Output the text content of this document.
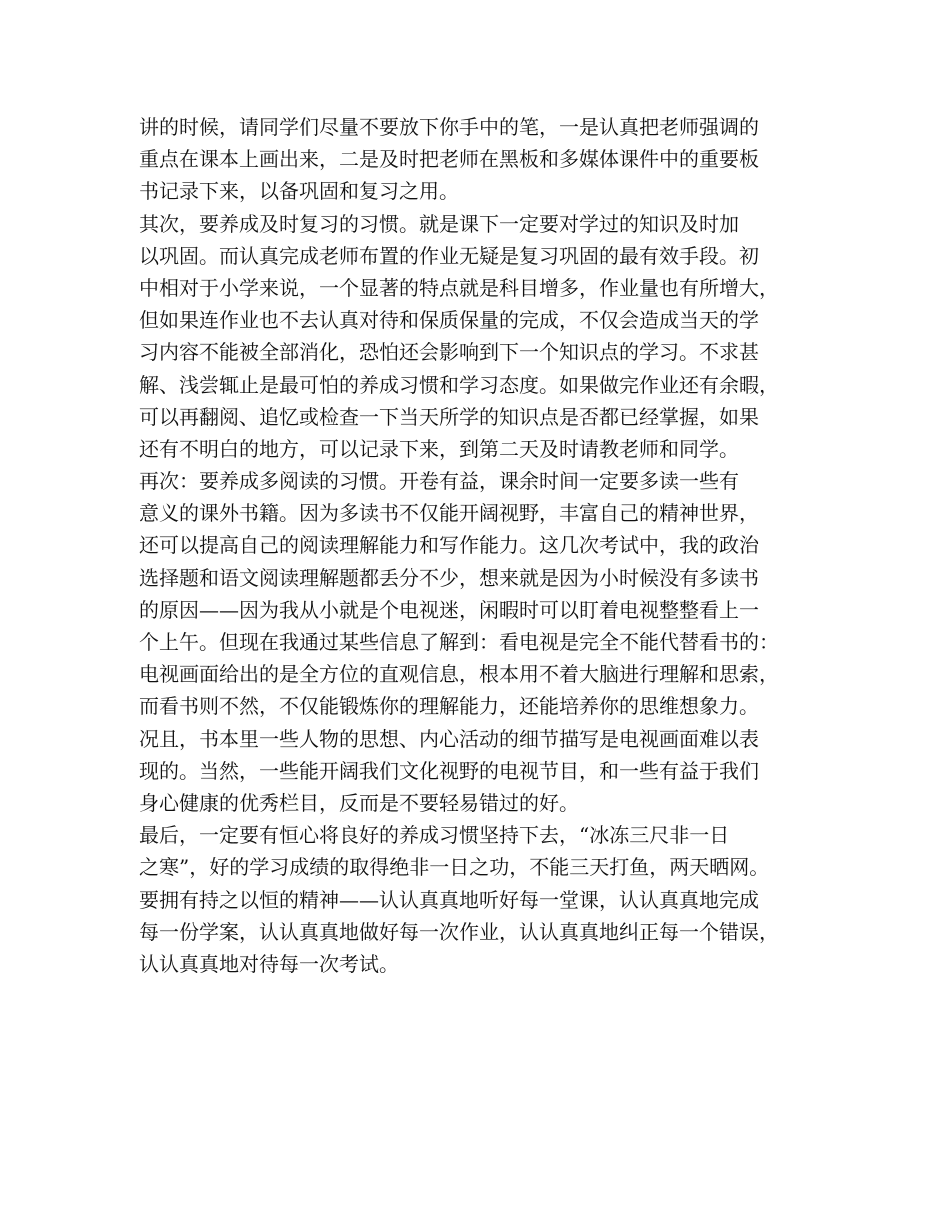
讲的时候，请同学们尽量不要放下你手中的笔，一是认真把老师强调的
重点在课本上画出来，二是及时把老师在黑板和多媒体课件中的重要板
书记录下来，以备巩固和复习之用。
其次，要养成及时复习的习惯。就是课下一定要对学过的知识及时加
以巩固。而认真完成老师布置的作业无疑是复习巩固的最有效手段。初
中相对于小学来说，一个显著的特点就是科目增多，作业量也有所增大，
但如果连作业也不去认真对待和保质保量的完成，不仅会造成当天的学
习内容不能被全部消化，恐怕还会影响到下一个知识点的学习。不求甚
解、浅尝辄止是最可怕的养成习惯和学习态度。如果做完作业还有余暇，
可以再翻阅、追忆或检查一下当天所学的知识点是否都已经掌握，如果
还有不明白的地方，可以记录下来，到第二天及时请教老师和同学。
再次：要养成多阅读的习惯。开卷有益，课余时间一定要多读一些有
意义的课外书籍。因为多读书不仅能开阔视野，丰富自己的精神世界，
还可以提高自己的阅读理解能力和写作能力。这几次考试中，我的政治
选择题和语文阅读理解题都丢分不少，想来就是因为小时候没有多读书
的原因——因为我从小就是个电视迷，闲暇时可以盯着电视整整看上一
个上午。但现在我通过某些信息了解到：看电视是完全不能代替看书的：
电视画面给出的是全方位的直观信息，根本用不着大脑进行理解和思索，
而看书则不然，不仅能锻炼你的理解能力，还能培养你的思维想象力。
况且，书本里一些人物的思想、内心活动的细节描写是电视画面难以表
现的。当然，一些能开阔我们文化视野的电视节目，和一些有益于我们
身心健康的优秀栏目，反而是不要轻易错过的好。
最后，一定要有恒心将良好的养成习惯坚持下去，“冰冻三尺非一日
之寒”，好的学习成绩的取得绝非一日之功，不能三天打鱼，两天晒网。
要拥有持之以恒的精神——认认真真地听好每一堂课，认认真真地完成
每一份学案，认认真真地做好每一次作业，认认真真地纠正每一个错误，
认认真真地对待每一次考试。
